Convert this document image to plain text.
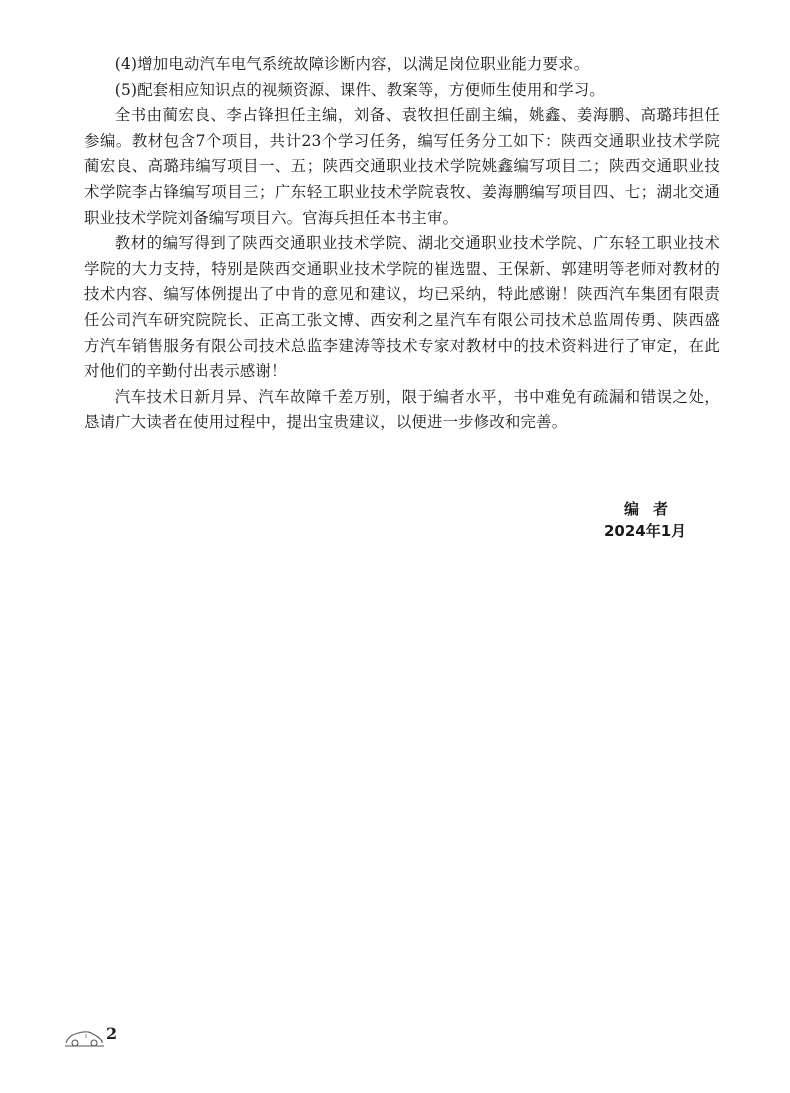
(4)增加电动汽车电气系统故障诊断内容，以满足岗位职业能力要求。

(5)配套相应知识点的视频资源、课件、教案等，方便师生使用和学习。

全书由蔺宏良、李占锋担任主编，刘备、袁牧担任副主编，姚鑫、姜海鹏、高璐玮担任参编。教材包含7个项目，共计23个学习任务，编写任务分工如下：陕西交通职业技术学院蔺宏良、高璐玮编写项目一、五；陕西交通职业技术学院姚鑫编写项目二；陕西交通职业技术学院李占锋编写项目三；广东轻工职业技术学院袁牧、姜海鹏编写项目四、七；湖北交通职业技术学院刘备编写项目六。官海兵担任本书主审。

教材的编写得到了陕西交通职业技术学院、湖北交通职业技术学院、广东轻工职业技术学院的大力支持，特别是陕西交通职业技术学院的崔选盟、王保新、郭建明等老师对教材的技术内容、编写体例提出了中肯的意见和建议，均已采纳，特此感谢！陕西汽车集团有限责任公司汽车研究院院长、正高工张文博、西安利之星汽车有限公司技术总监周传勇、陕西盛方汽车销售服务有限公司技术总监李建涛等技术专家对教材中的技术资料进行了审定，在此对他们的辛勤付出表示感谢！

汽车技术日新月异、汽车故障千差万别，限于编者水平，书中难免有疏漏和错误之处，恳请广大读者在使用过程中，提出宝贵建议，以便进一步修改和完善。

编者
2024年1月
2
